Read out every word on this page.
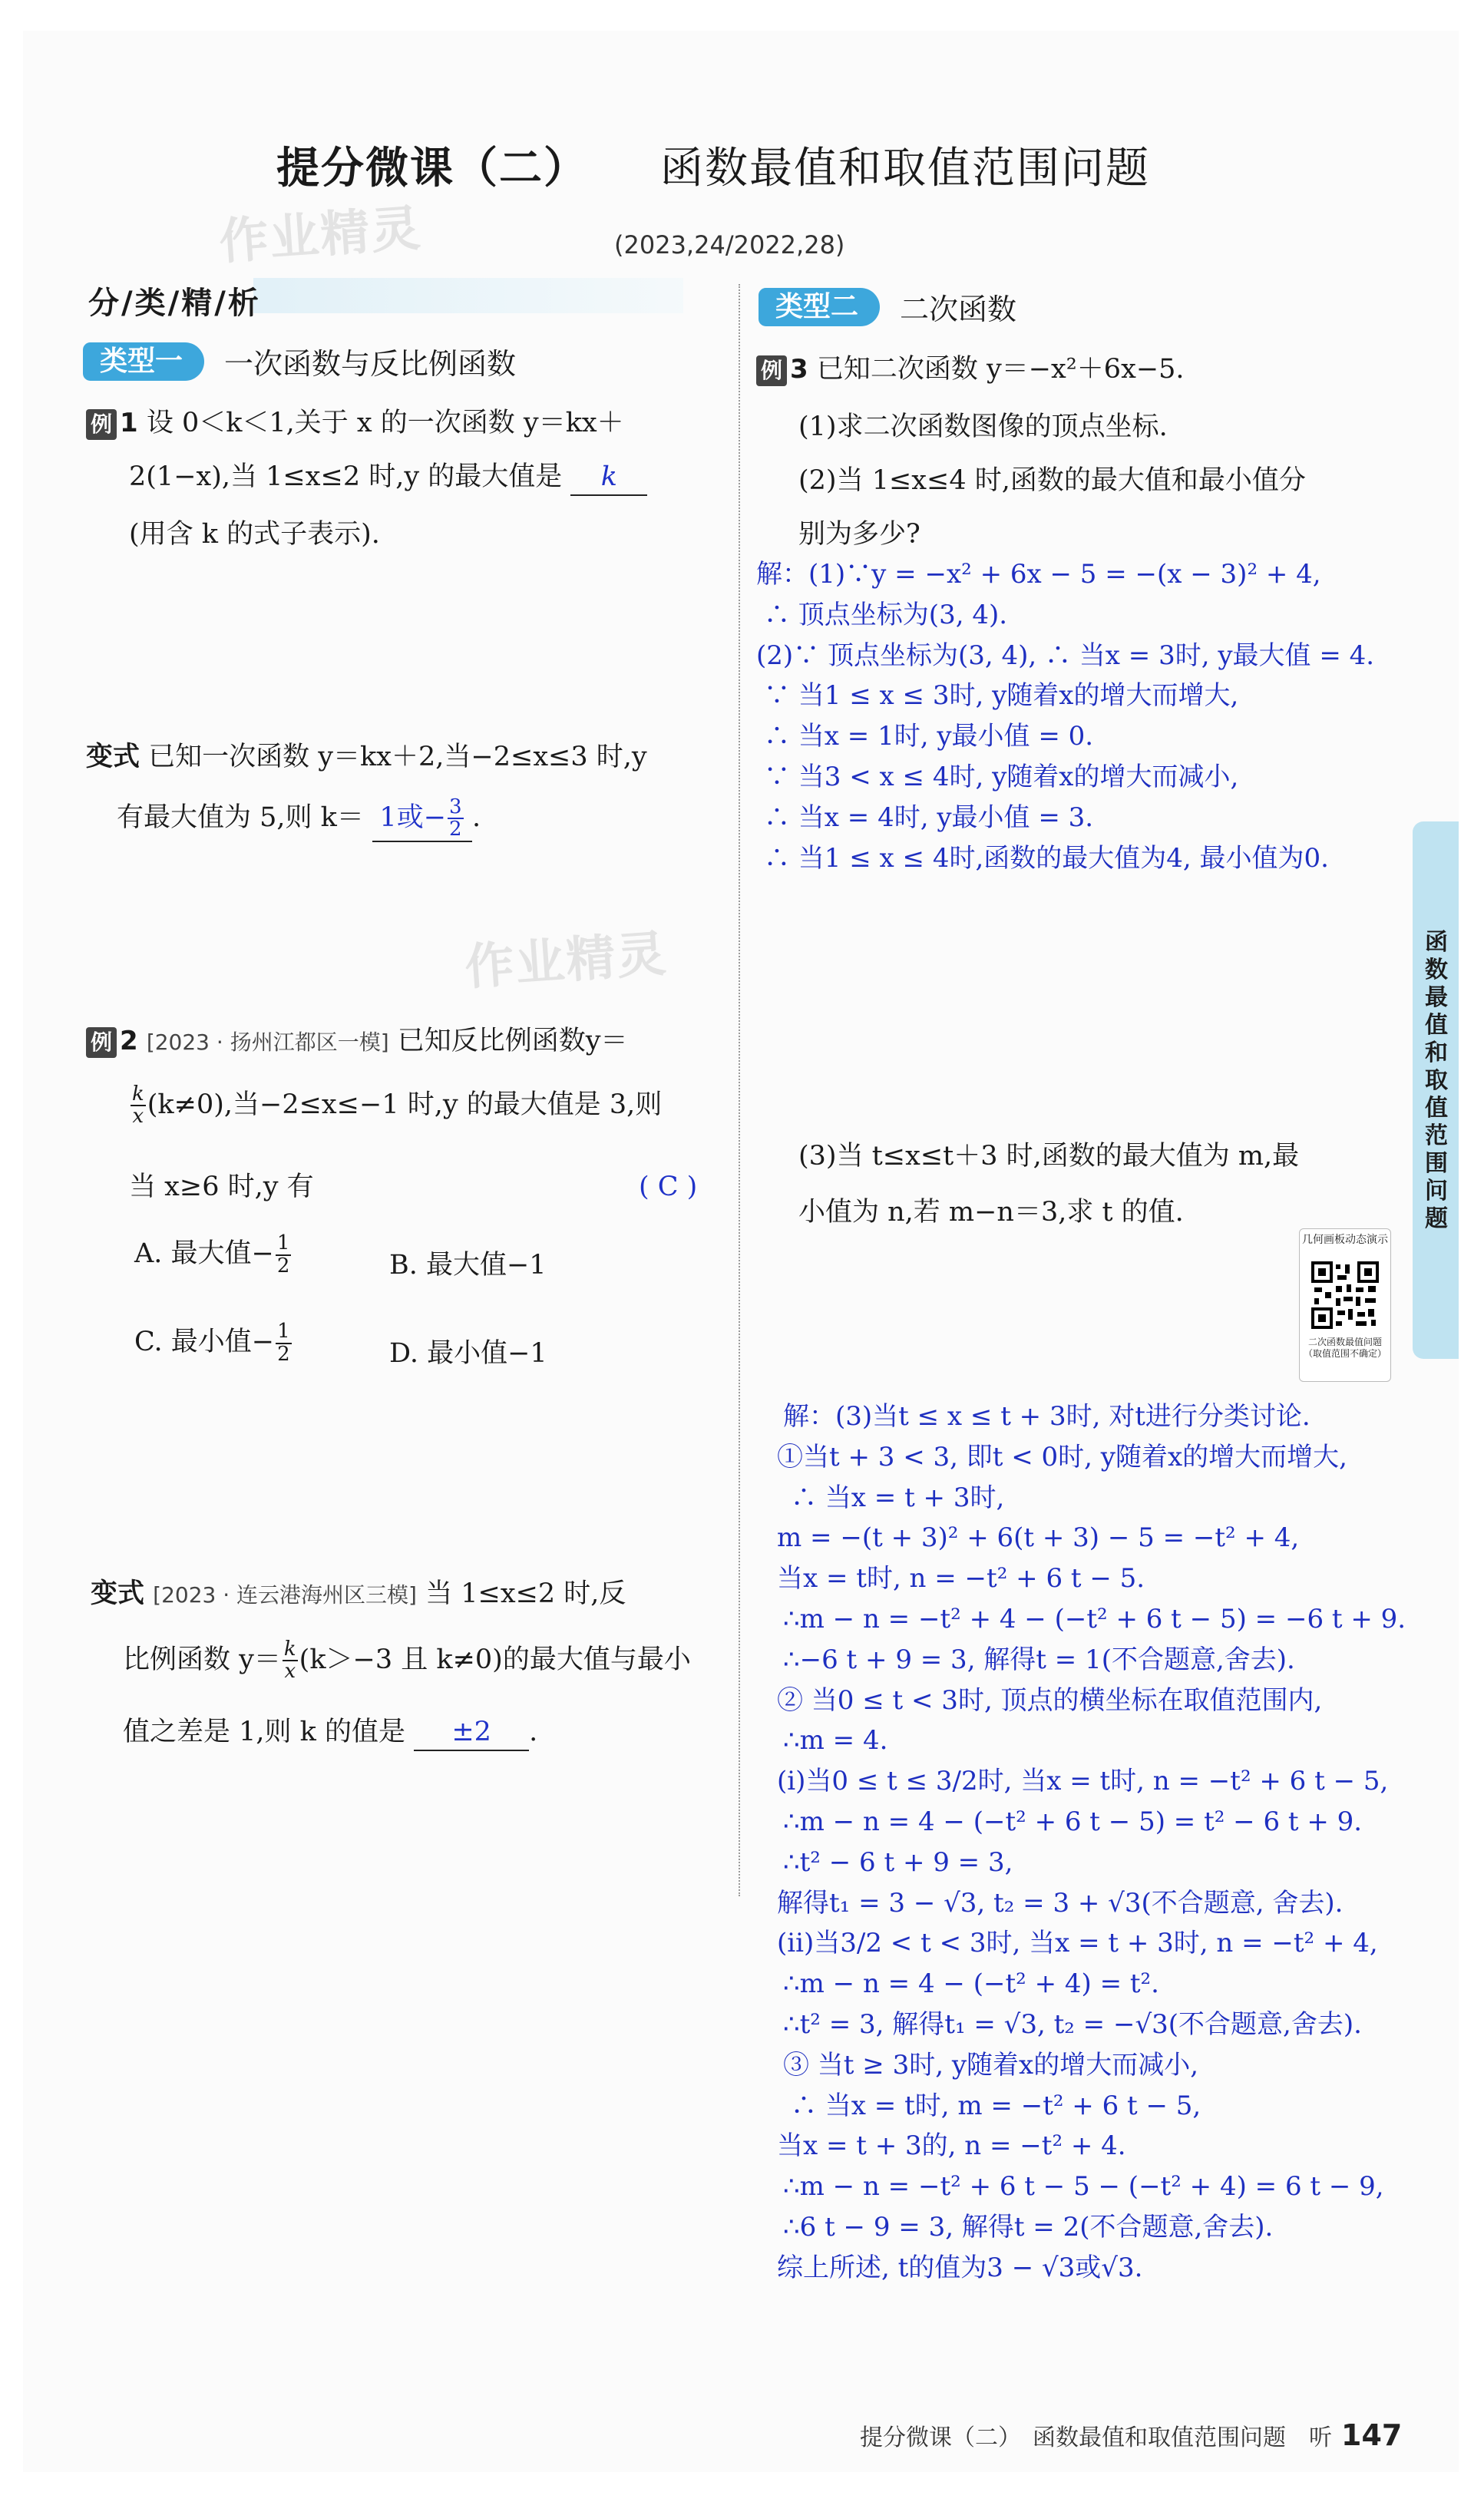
提分微课（二） 函数最值和取值范围问题
作业精灵	(2023,24/2022,28)
分/类/精/析
类型一	一次函数与反比例函数
例 1 设 0＜k＜1,关于 x 的一次函数 y＝kx＋
2(1−x),当 1≤x≤2 时,y 的最大值是 k
(用含 k 的式子表示).
变式 已知一次函数 y＝kx＋2,当−2≤x≤3 时,y
有最大值为 5,则 k＝ 1或− $\frac{3}{2}$ .
作业精灵
例 2 [2023 · 扬州江都区一模] 已知反比例函数y＝
$\frac{k}{x} (k\ne 0)$,当−2≤x≤−1 时,y 的最大值是 3,则
当 x≥6 时,y 有	( C )
A. 最大值− $\frac{1}{2}$	B. 最大值−1
C. 最小值− $\frac{1}{2}$	D. 最小值−1
变式 [2023 · 连云港海州区三模] 当 1≤x≤2 时,反
比例函数 $y= \frac{k}{x} (k>-3$ 且 k≠0)的最大值与最小
值之差是 1,则 k 的值是 ±2 .
类型二	二次函数
例 3 已知二次函数 y＝−x²＋6x−5.
(1)求二次函数图像的顶点坐标.
(2)当 1≤x≤4 时,函数的最大值和最小值分
别为多少?
解：(1)∵y = −x² + 6x − 5 = −(x − 3)² + 4,
∴ 顶点坐标为(3, 4).
(2)∵ 顶点坐标为(3, 4), ∴ 当x = 3时, y最大值 = 4.
∵ 当1 ≤ x ≤ 3时, y随着x的增大而增大,
∴ 当x = 1时, y最小值 = 0.
∵ 当3 < x ≤ 4时, y随着x的增大而减小,
∴ 当x = 4时, y最小值 = 3.
∴ 当1 ≤ x ≤ 4时,函数的最大值为4, 最小值为0.
(3)当 t≤x≤t＋3 时,函数的最大值为 m,最
小值为 n,若 m−n＝3,求 t 的值.
几何画板动态演示
二次函数最值问题（取值范围不确定）
解：(3)当t ≤ x ≤ t + 3时, 对t进行分类讨论.
①当t + 3 < 3, 即t < 0时, y随着x的增大而增大,
∴ 当x = t + 3时,
m = −(t + 3)² + 6(t + 3) − 5 = −t² + 4,
当x = t时, n = −t² + 6 t − 5.
∴m − n = −t² + 4 − (−t² + 6 t − 5) = −6 t + 9.
∴−6 t + 9 = 3, 解得t = 1(不合题意,舍去).
② 当0 ≤ t < 3时, 顶点的横坐标在取值范围内,
∴m = 4.
(i)当0 ≤ t ≤ 3/2时, 当x = t时, n = −t² + 6 t − 5,
∴m − n = 4 − (−t² + 6 t − 5) = t² − 6 t + 9.
∴t² − 6 t + 9 = 3,
解得t₁ = 3 − √3, t₂ = 3 + √3(不合题意, 舍去).
(ii)当3/2 < t < 3时, 当x = t + 3时, n = −t² + 4,
∴m − n = 4 − (−t² + 4) = t².
∴t² = 3, 解得t₁ = √3, t₂ = −√3(不合题意,舍去).
③ 当t ≥ 3时, y随着x的增大而减小,
∴ 当x = t时, m = −t² + 6 t − 5,
当x = t + 3的, n = −t² + 4.
∴m − n = −t² + 6 t − 5 − (−t² + 4) = 6 t − 9,
∴6 t − 9 = 3, 解得t = 2(不合题意,舍去).
综上所述, t的值为3 − √3或√3.
函数最值和取值范围问题
提分微课（二）　函数最值和取值范围问题　听 147
